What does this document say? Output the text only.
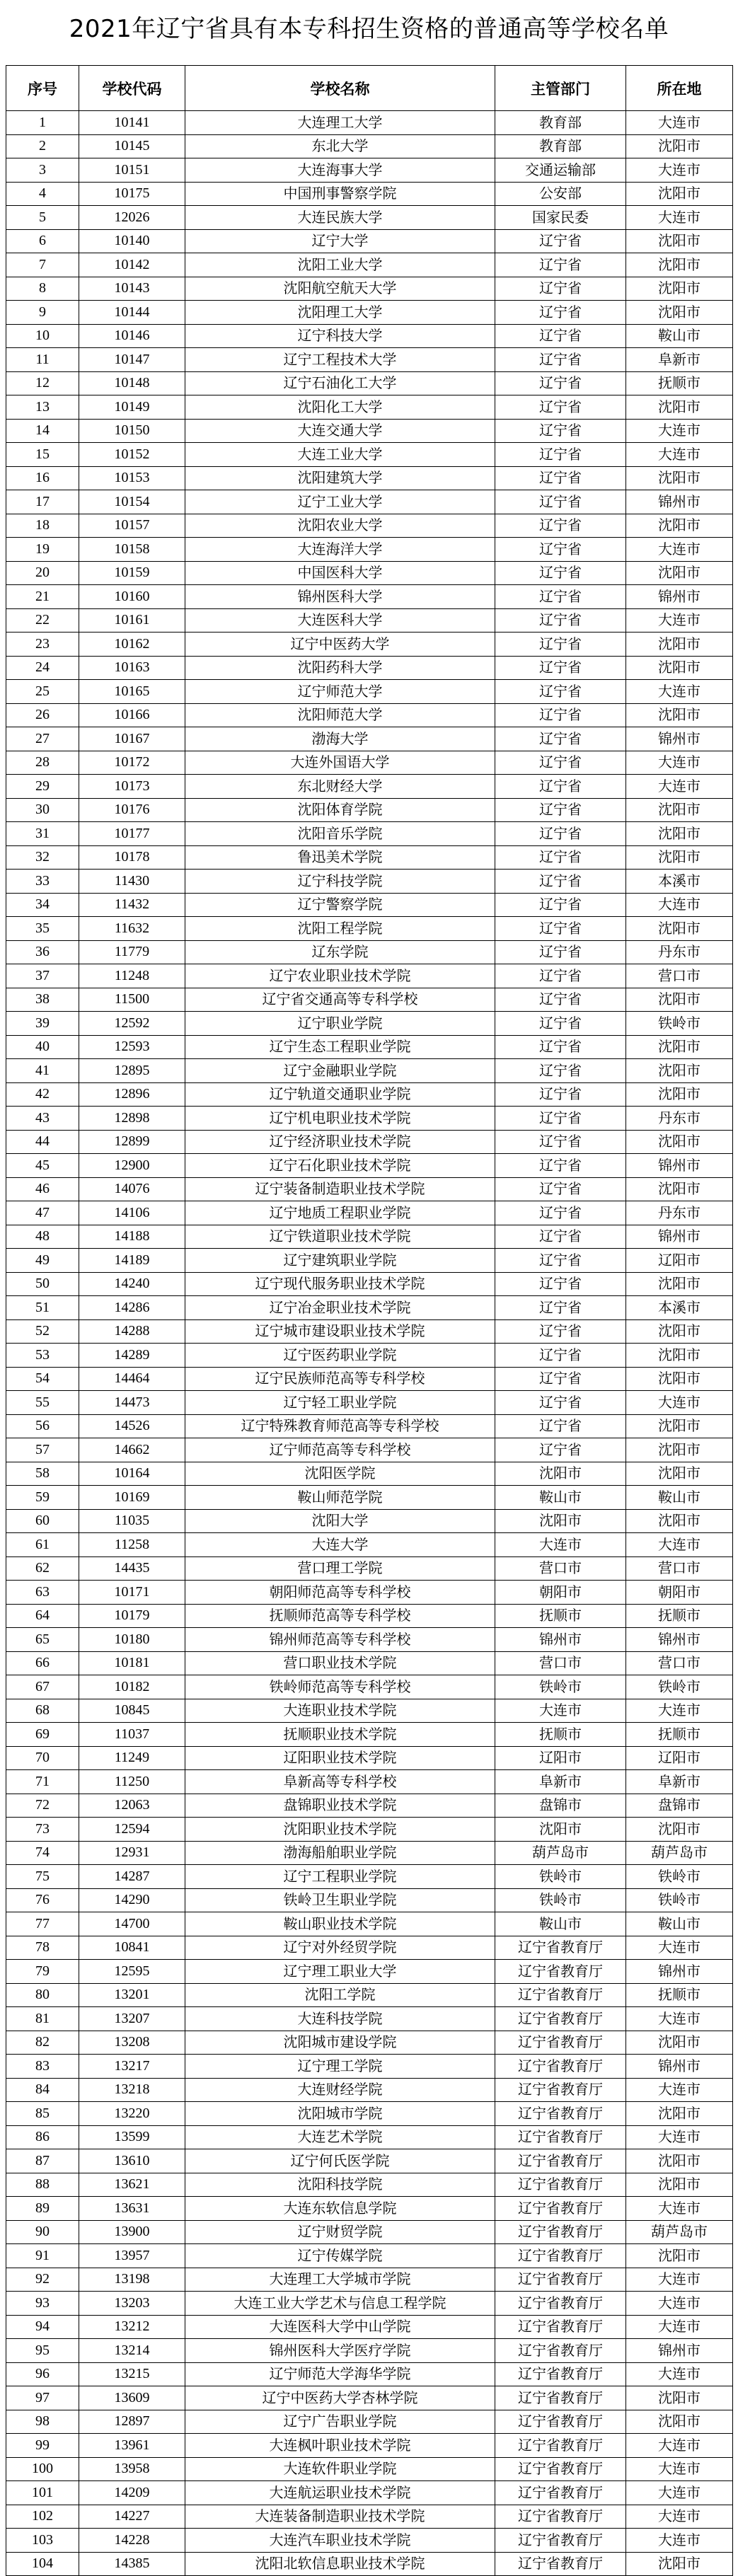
2021年辽宁省具有本专科招生资格的普通高等学校名单
序号	学校代码	学校名称	主管部门	所在地
1	10141	大连理工大学	教育部	大连市
2	10145	东北大学	教育部	沈阳市
3	10151	大连海事大学	交通运输部	大连市
4	10175	中国刑事警察学院	公安部	沈阳市
5	12026	大连民族大学	国家民委	大连市
6	10140	辽宁大学	辽宁省	沈阳市
7	10142	沈阳工业大学	辽宁省	沈阳市
8	10143	沈阳航空航天大学	辽宁省	沈阳市
9	10144	沈阳理工大学	辽宁省	沈阳市
10	10146	辽宁科技大学	辽宁省	鞍山市
11	10147	辽宁工程技术大学	辽宁省	阜新市
12	10148	辽宁石油化工大学	辽宁省	抚顺市
13	10149	沈阳化工大学	辽宁省	沈阳市
14	10150	大连交通大学	辽宁省	大连市
15	10152	大连工业大学	辽宁省	大连市
16	10153	沈阳建筑大学	辽宁省	沈阳市
17	10154	辽宁工业大学	辽宁省	锦州市
18	10157	沈阳农业大学	辽宁省	沈阳市
19	10158	大连海洋大学	辽宁省	大连市
20	10159	中国医科大学	辽宁省	沈阳市
21	10160	锦州医科大学	辽宁省	锦州市
22	10161	大连医科大学	辽宁省	大连市
23	10162	辽宁中医药大学	辽宁省	沈阳市
24	10163	沈阳药科大学	辽宁省	沈阳市
25	10165	辽宁师范大学	辽宁省	大连市
26	10166	沈阳师范大学	辽宁省	沈阳市
27	10167	渤海大学	辽宁省	锦州市
28	10172	大连外国语大学	辽宁省	大连市
29	10173	东北财经大学	辽宁省	大连市
30	10176	沈阳体育学院	辽宁省	沈阳市
31	10177	沈阳音乐学院	辽宁省	沈阳市
32	10178	鲁迅美术学院	辽宁省	沈阳市
33	11430	辽宁科技学院	辽宁省	本溪市
34	11432	辽宁警察学院	辽宁省	大连市
35	11632	沈阳工程学院	辽宁省	沈阳市
36	11779	辽东学院	辽宁省	丹东市
37	11248	辽宁农业职业技术学院	辽宁省	营口市
38	11500	辽宁省交通高等专科学校	辽宁省	沈阳市
39	12592	辽宁职业学院	辽宁省	铁岭市
40	12593	辽宁生态工程职业学院	辽宁省	沈阳市
41	12895	辽宁金融职业学院	辽宁省	沈阳市
42	12896	辽宁轨道交通职业学院	辽宁省	沈阳市
43	12898	辽宁机电职业技术学院	辽宁省	丹东市
44	12899	辽宁经济职业技术学院	辽宁省	沈阳市
45	12900	辽宁石化职业技术学院	辽宁省	锦州市
46	14076	辽宁装备制造职业技术学院	辽宁省	沈阳市
47	14106	辽宁地质工程职业学院	辽宁省	丹东市
48	14188	辽宁铁道职业技术学院	辽宁省	锦州市
49	14189	辽宁建筑职业学院	辽宁省	辽阳市
50	14240	辽宁现代服务职业技术学院	辽宁省	沈阳市
51	14286	辽宁冶金职业技术学院	辽宁省	本溪市
52	14288	辽宁城市建设职业技术学院	辽宁省	沈阳市
53	14289	辽宁医药职业学院	辽宁省	沈阳市
54	14464	辽宁民族师范高等专科学校	辽宁省	沈阳市
55	14473	辽宁轻工职业学院	辽宁省	大连市
56	14526	辽宁特殊教育师范高等专科学校	辽宁省	沈阳市
57	14662	辽宁师范高等专科学校	辽宁省	沈阳市
58	10164	沈阳医学院	沈阳市	沈阳市
59	10169	鞍山师范学院	鞍山市	鞍山市
60	11035	沈阳大学	沈阳市	沈阳市
61	11258	大连大学	大连市	大连市
62	14435	营口理工学院	营口市	营口市
63	10171	朝阳师范高等专科学校	朝阳市	朝阳市
64	10179	抚顺师范高等专科学校	抚顺市	抚顺市
65	10180	锦州师范高等专科学校	锦州市	锦州市
66	10181	营口职业技术学院	营口市	营口市
67	10182	铁岭师范高等专科学校	铁岭市	铁岭市
68	10845	大连职业技术学院	大连市	大连市
69	11037	抚顺职业技术学院	抚顺市	抚顺市
70	11249	辽阳职业技术学院	辽阳市	辽阳市
71	11250	阜新高等专科学校	阜新市	阜新市
72	12063	盘锦职业技术学院	盘锦市	盘锦市
73	12594	沈阳职业技术学院	沈阳市	沈阳市
74	12931	渤海船舶职业学院	葫芦岛市	葫芦岛市
75	14287	辽宁工程职业学院	铁岭市	铁岭市
76	14290	铁岭卫生职业学院	铁岭市	铁岭市
77	14700	鞍山职业技术学院	鞍山市	鞍山市
78	10841	辽宁对外经贸学院	辽宁省教育厅	大连市
79	12595	辽宁理工职业大学	辽宁省教育厅	锦州市
80	13201	沈阳工学院	辽宁省教育厅	抚顺市
81	13207	大连科技学院	辽宁省教育厅	大连市
82	13208	沈阳城市建设学院	辽宁省教育厅	沈阳市
83	13217	辽宁理工学院	辽宁省教育厅	锦州市
84	13218	大连财经学院	辽宁省教育厅	大连市
85	13220	沈阳城市学院	辽宁省教育厅	沈阳市
86	13599	大连艺术学院	辽宁省教育厅	大连市
87	13610	辽宁何氏医学院	辽宁省教育厅	沈阳市
88	13621	沈阳科技学院	辽宁省教育厅	沈阳市
89	13631	大连东软信息学院	辽宁省教育厅	大连市
90	13900	辽宁财贸学院	辽宁省教育厅	葫芦岛市
91	13957	辽宁传媒学院	辽宁省教育厅	沈阳市
92	13198	大连理工大学城市学院	辽宁省教育厅	大连市
93	13203	大连工业大学艺术与信息工程学院	辽宁省教育厅	大连市
94	13212	大连医科大学中山学院	辽宁省教育厅	大连市
95	13214	锦州医科大学医疗学院	辽宁省教育厅	锦州市
96	13215	辽宁师范大学海华学院	辽宁省教育厅	大连市
97	13609	辽宁中医药大学杏林学院	辽宁省教育厅	沈阳市
98	12897	辽宁广告职业学院	辽宁省教育厅	沈阳市
99	13961	大连枫叶职业技术学院	辽宁省教育厅	大连市
100	13958	大连软件职业学院	辽宁省教育厅	大连市
101	14209	大连航运职业技术学院	辽宁省教育厅	大连市
102	14227	大连装备制造职业技术学院	辽宁省教育厅	大连市
103	14228	大连汽车职业技术学院	辽宁省教育厅	大连市
104	14385	沈阳北软信息职业技术学院	辽宁省教育厅	沈阳市
